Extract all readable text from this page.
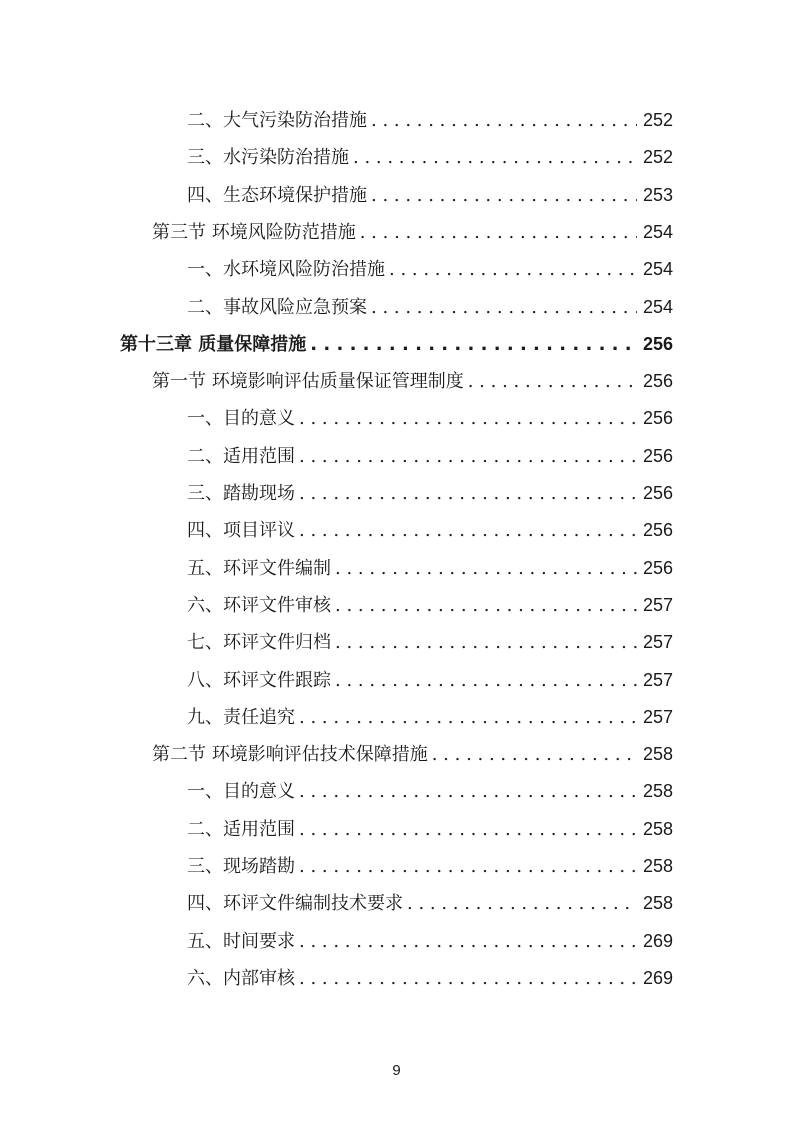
二、大气污染防治措施 . . .	252
三、水污染防治措施 . . .	252
四、生态环境保护措施 . . .	253
第三节 环境风险防范措施 . . .	254
一、水环境风险防治措施 . . .	254
二、事故风险应急预案 . . .	254
第十三章 质量保障措施 . . .	256
第一节 环境影响评估质量保证管理制度 . . .	256
一、目的意义 . . .	256
二、适用范围 . . .	256
三、踏勘现场 . . .	256
四、项目评议 . . .	256
五、环评文件编制 . . .	256
六、环评文件审核 . . .	257
七、环评文件归档 . . .	257
八、环评文件跟踪 . . .	257
九、责任追究 . . .	257
第二节 环境影响评估技术保障措施 . . .	258
一、目的意义 . . .	258
二、适用范围 . . .	258
三、现场踏勘 . . .	258
四、环评文件编制技术要求 . . .	258
五、时间要求 . . .	269
六、内部审核 . . .	269
9
